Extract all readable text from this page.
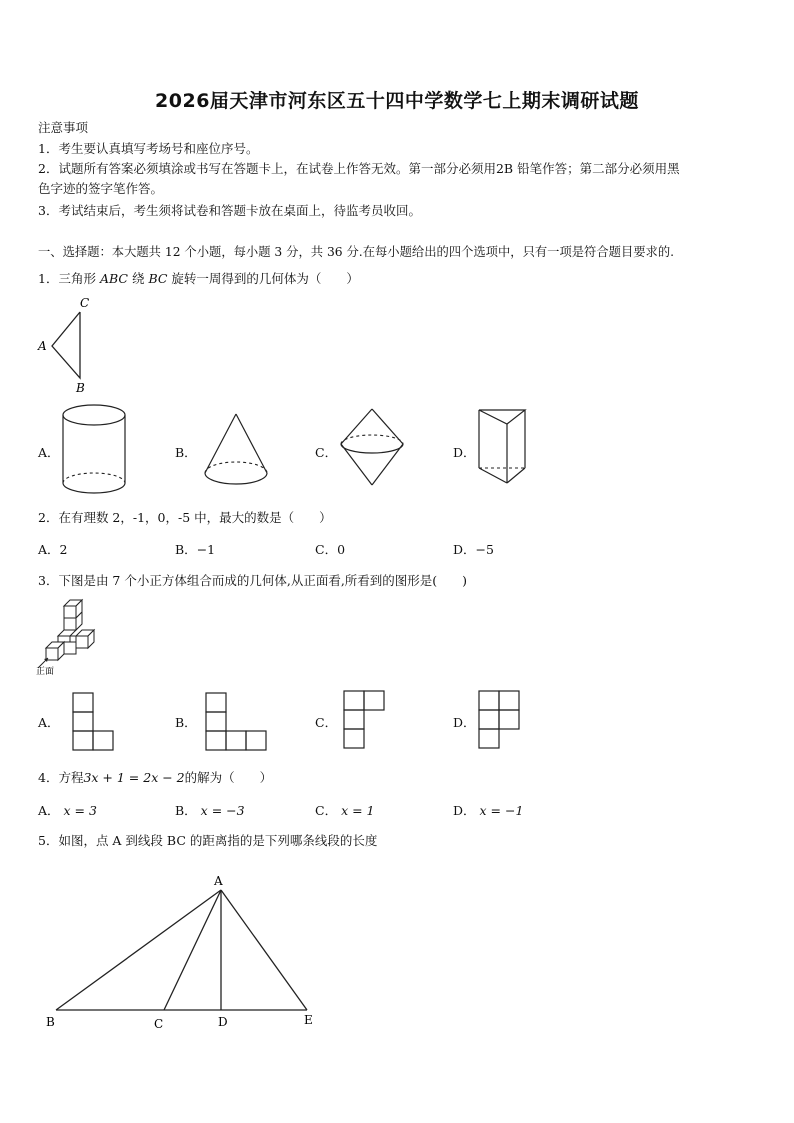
2026届天津市河东区五十四中学数学七上期末调研试题
注意事项
1．考生要认真填写考场号和座位序号。
2．试题所有答案必须填涂或书写在答题卡上，在试卷上作答无效。第一部分必须用2B 铅笔作答；第二部分必须用黑
色字迹的签字笔作答。
3．考试结束后，考生须将试卷和答题卡放在桌面上，待监考员收回。
一、选择题：本大题共 12 个小题，每小题 3 分，共 36 分.在每小题给出的四个选项中，只有一项是符合题目要求的.
1．三角形 ABC 绕 BC 旋转一周得到的几何体为（　　）
C
A
B
A．	B．	C．	D．
2．在有理数 2，-1，0，-5 中，最大的数是（　　）
A．2	B．−1	C．0	D．−5
3．下图是由 7 个小正方体组合而成的几何体,从正面看,所看到的图形是(　　)
正面
A．	B．	C．	D．
4．方程3x + 1 = 2x − 2的解为（　　）
A． x = 3	B． x = −3	C． x = 1	D． x = −1
5．如图，点 A 到线段 BC 的距离指的是下列哪条线段的长度
A
B	C	D	E
